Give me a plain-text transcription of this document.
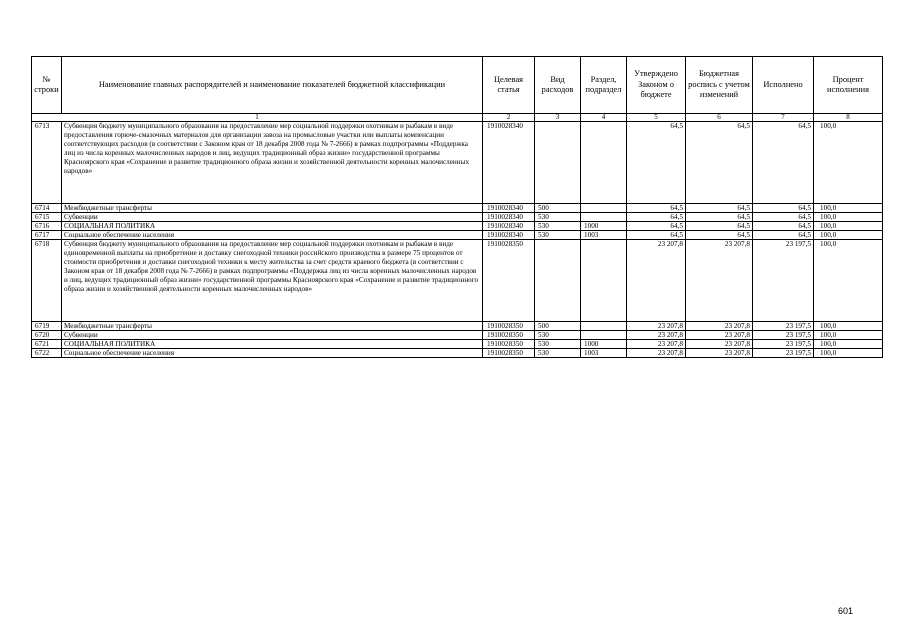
№ строки	Наименование главных распорядителей и наименование показателей бюджетной классификации	Целевая статья	Вид расходов	Раздел, подраздел	Утверждено Законом о бюджете	Бюджетная роспись с учетом изменений	Исполнено	Процент исполнения
1		2	3	4	5	6	7	8
6713	Субвенция бюджету муниципального образования на предоставление мер социальной поддержки охотникам и рыбакам в виде предоставления горюче-смазочных материалов для организации завоза на промысловые участки или выплаты компенсации соответствующих расходов (в соответствии с Законом края от 18 декабря 2008 года № 7-2666) в рамках подпрограммы «Поддержка лиц из числа коренных малочисленных народов и лиц, ведущих традиционный образ жизни» государственной программы Красноярского края «Сохранение и развитие традиционного образа жизни и хозяйственной деятельности коренных малочисленных народов»	1910028340			64,5	64,5	64,5	100,0
6714	Межбюджетные трансферты	1910028340	500		64,5	64,5	64,5	100,0
6715	Субвенции	1910028340	530		64,5	64,5	64,5	100,0
6716	СОЦИАЛЬНАЯ ПОЛИТИКА	1910028340	530	1000	64,5	64,5	64,5	100,0
6717	Социальное обеспечение населения	1910028340	530	1003	64,5	64,5	64,5	100,0
6718	Субвенция бюджету муниципального образования на предоставление мер социальной поддержки охотникам и рыбакам в виде единовременной выплаты на приобретение и доставку снегоходной техники российского производства в размере 75 процентов от стоимости приобретения и доставки снегоходной техники к месту жительства за счет средств краевого бюджета (в соответствии с Законом края от 18 декабря 2008 года № 7-2666) в рамках подпрограммы «Поддержка лиц из числа коренных малочисленных народов и лиц, ведущих традиционный образ жизни» государственной программы Красноярского края «Сохранение и развитие традиционного образа жизни и хозяйственной деятельности коренных малочисленных народов»	1910028350			23 207,8	23 207,8	23 197,5	100,0
6719	Межбюджетные трансферты	1910028350	500		23 207,8	23 207,8	23 197,5	100,0
6720	Субвенции	1910028350	530		23 207,8	23 207,8	23 197,5	100,0
6721	СОЦИАЛЬНАЯ ПОЛИТИКА	1910028350	530	1000	23 207,8	23 207,8	23 197,5	100,0
6722	Социальное обеспечение населения	1910028350	530	1003	23 207,8	23 207,8	23 197,5	100,0
601
